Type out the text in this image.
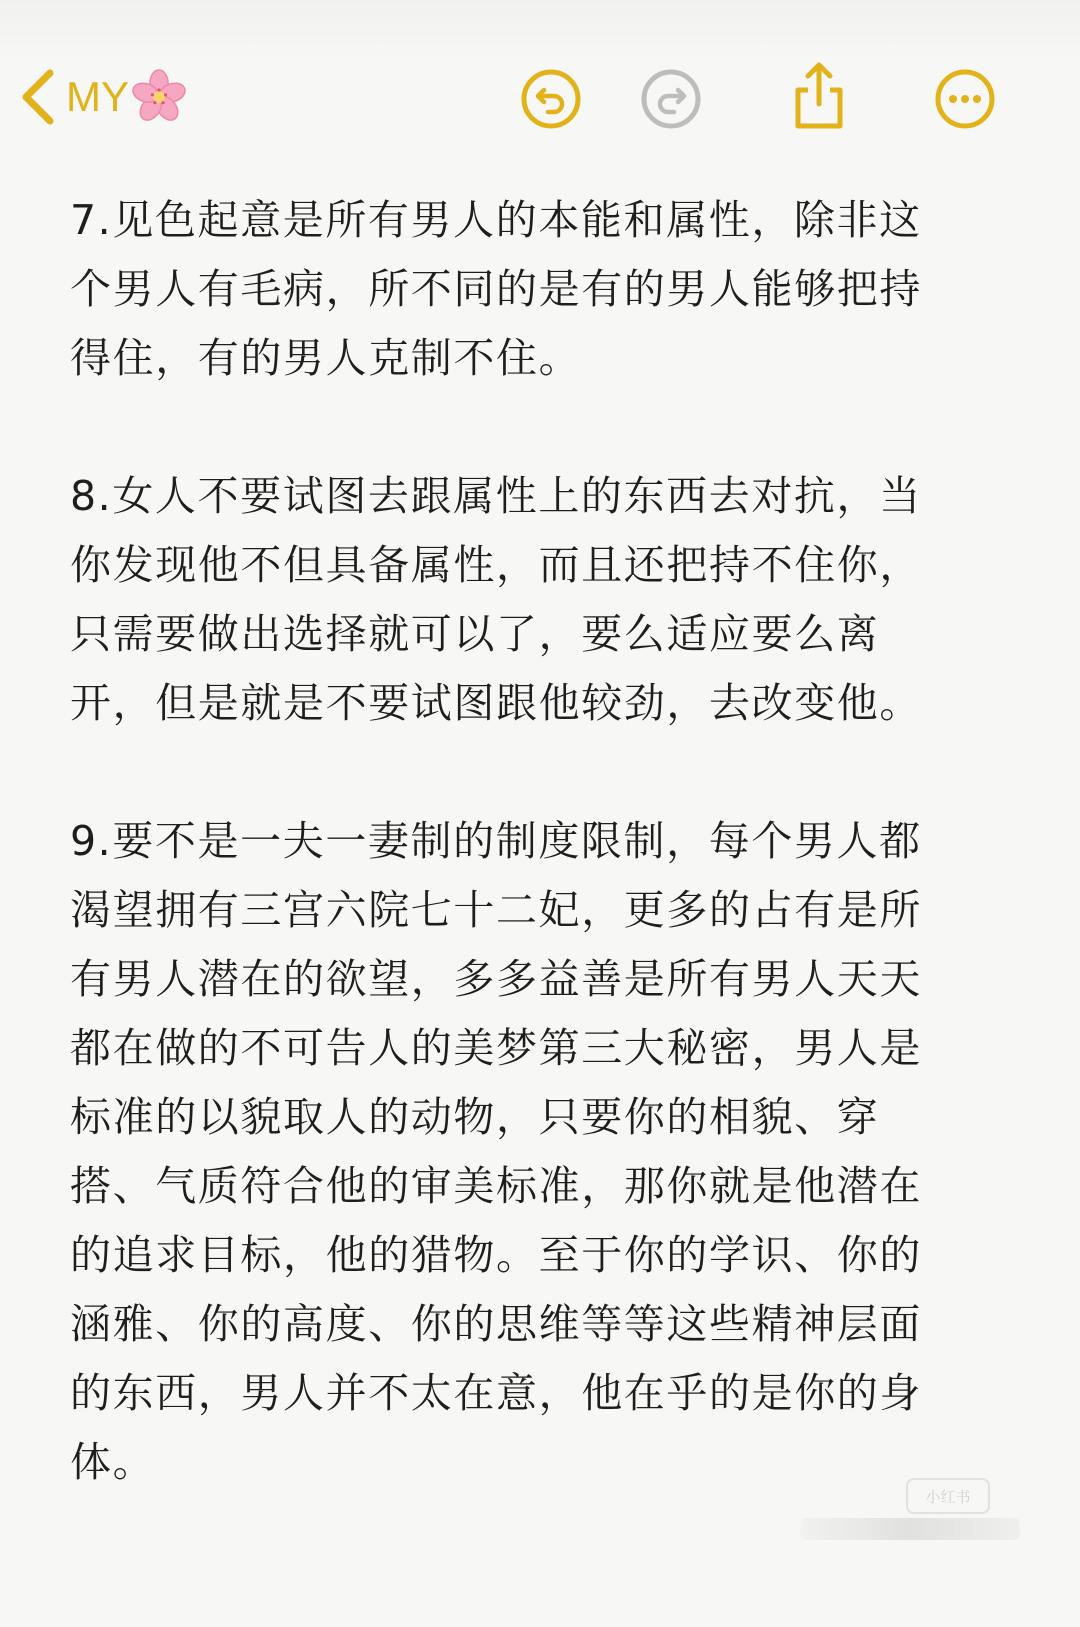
MY

7.见色起意是所有男人的本能和属性，除非这个男人有毛病，所不同的是有的男人能够把持得住，有的男人克制不住。

8.女人不要试图去跟属性上的东西去对抗，当你发现他不但具备属性，而且还把持不住你，只需要做出选择就可以了，要么适应要么离开，但是就是不要试图跟他较劲，去改变他。

9.要不是一夫一妻制的制度限制，每个男人都渴望拥有三宫六院七十二妃，更多的占有是所有男人潜在的欲望，多多益善是所有男人天天都在做的不可告人的美梦第三大秘密，男人是标准的以貌取人的动物，只要你的相貌、穿搭、气质符合他的审美标准，那你就是他潜在的追求目标，他的猎物。至于你的学识、你的涵雅、你的高度、你的思维等等这些精神层面的东西，男人并不太在意，他在乎的是你的身体。

小红书
